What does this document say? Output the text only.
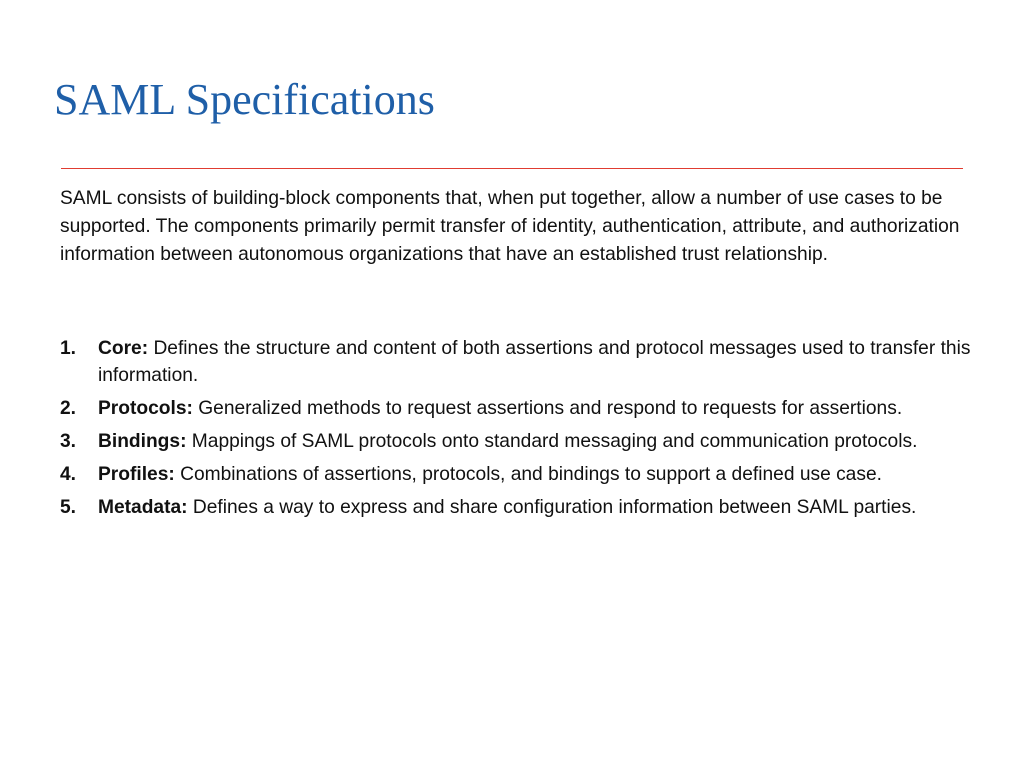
SAML Specifications

SAML consists of building-block components that, when put together, allow a number of use cases to be supported. The components primarily permit transfer of identity, authentication, attribute, and authorization information between autonomous organizations that have an established trust relationship.

1. Core: Defines the structure and content of both assertions and protocol messages used to transfer this information.
2. Protocols: Generalized methods to request assertions and respond to requests for assertions.
3. Bindings: Mappings of SAML protocols onto standard messaging and communication protocols.
4. Profiles: Combinations of assertions, protocols, and bindings to support a defined use case.
5. Metadata: Defines a way to express and share configuration information between SAML parties.
